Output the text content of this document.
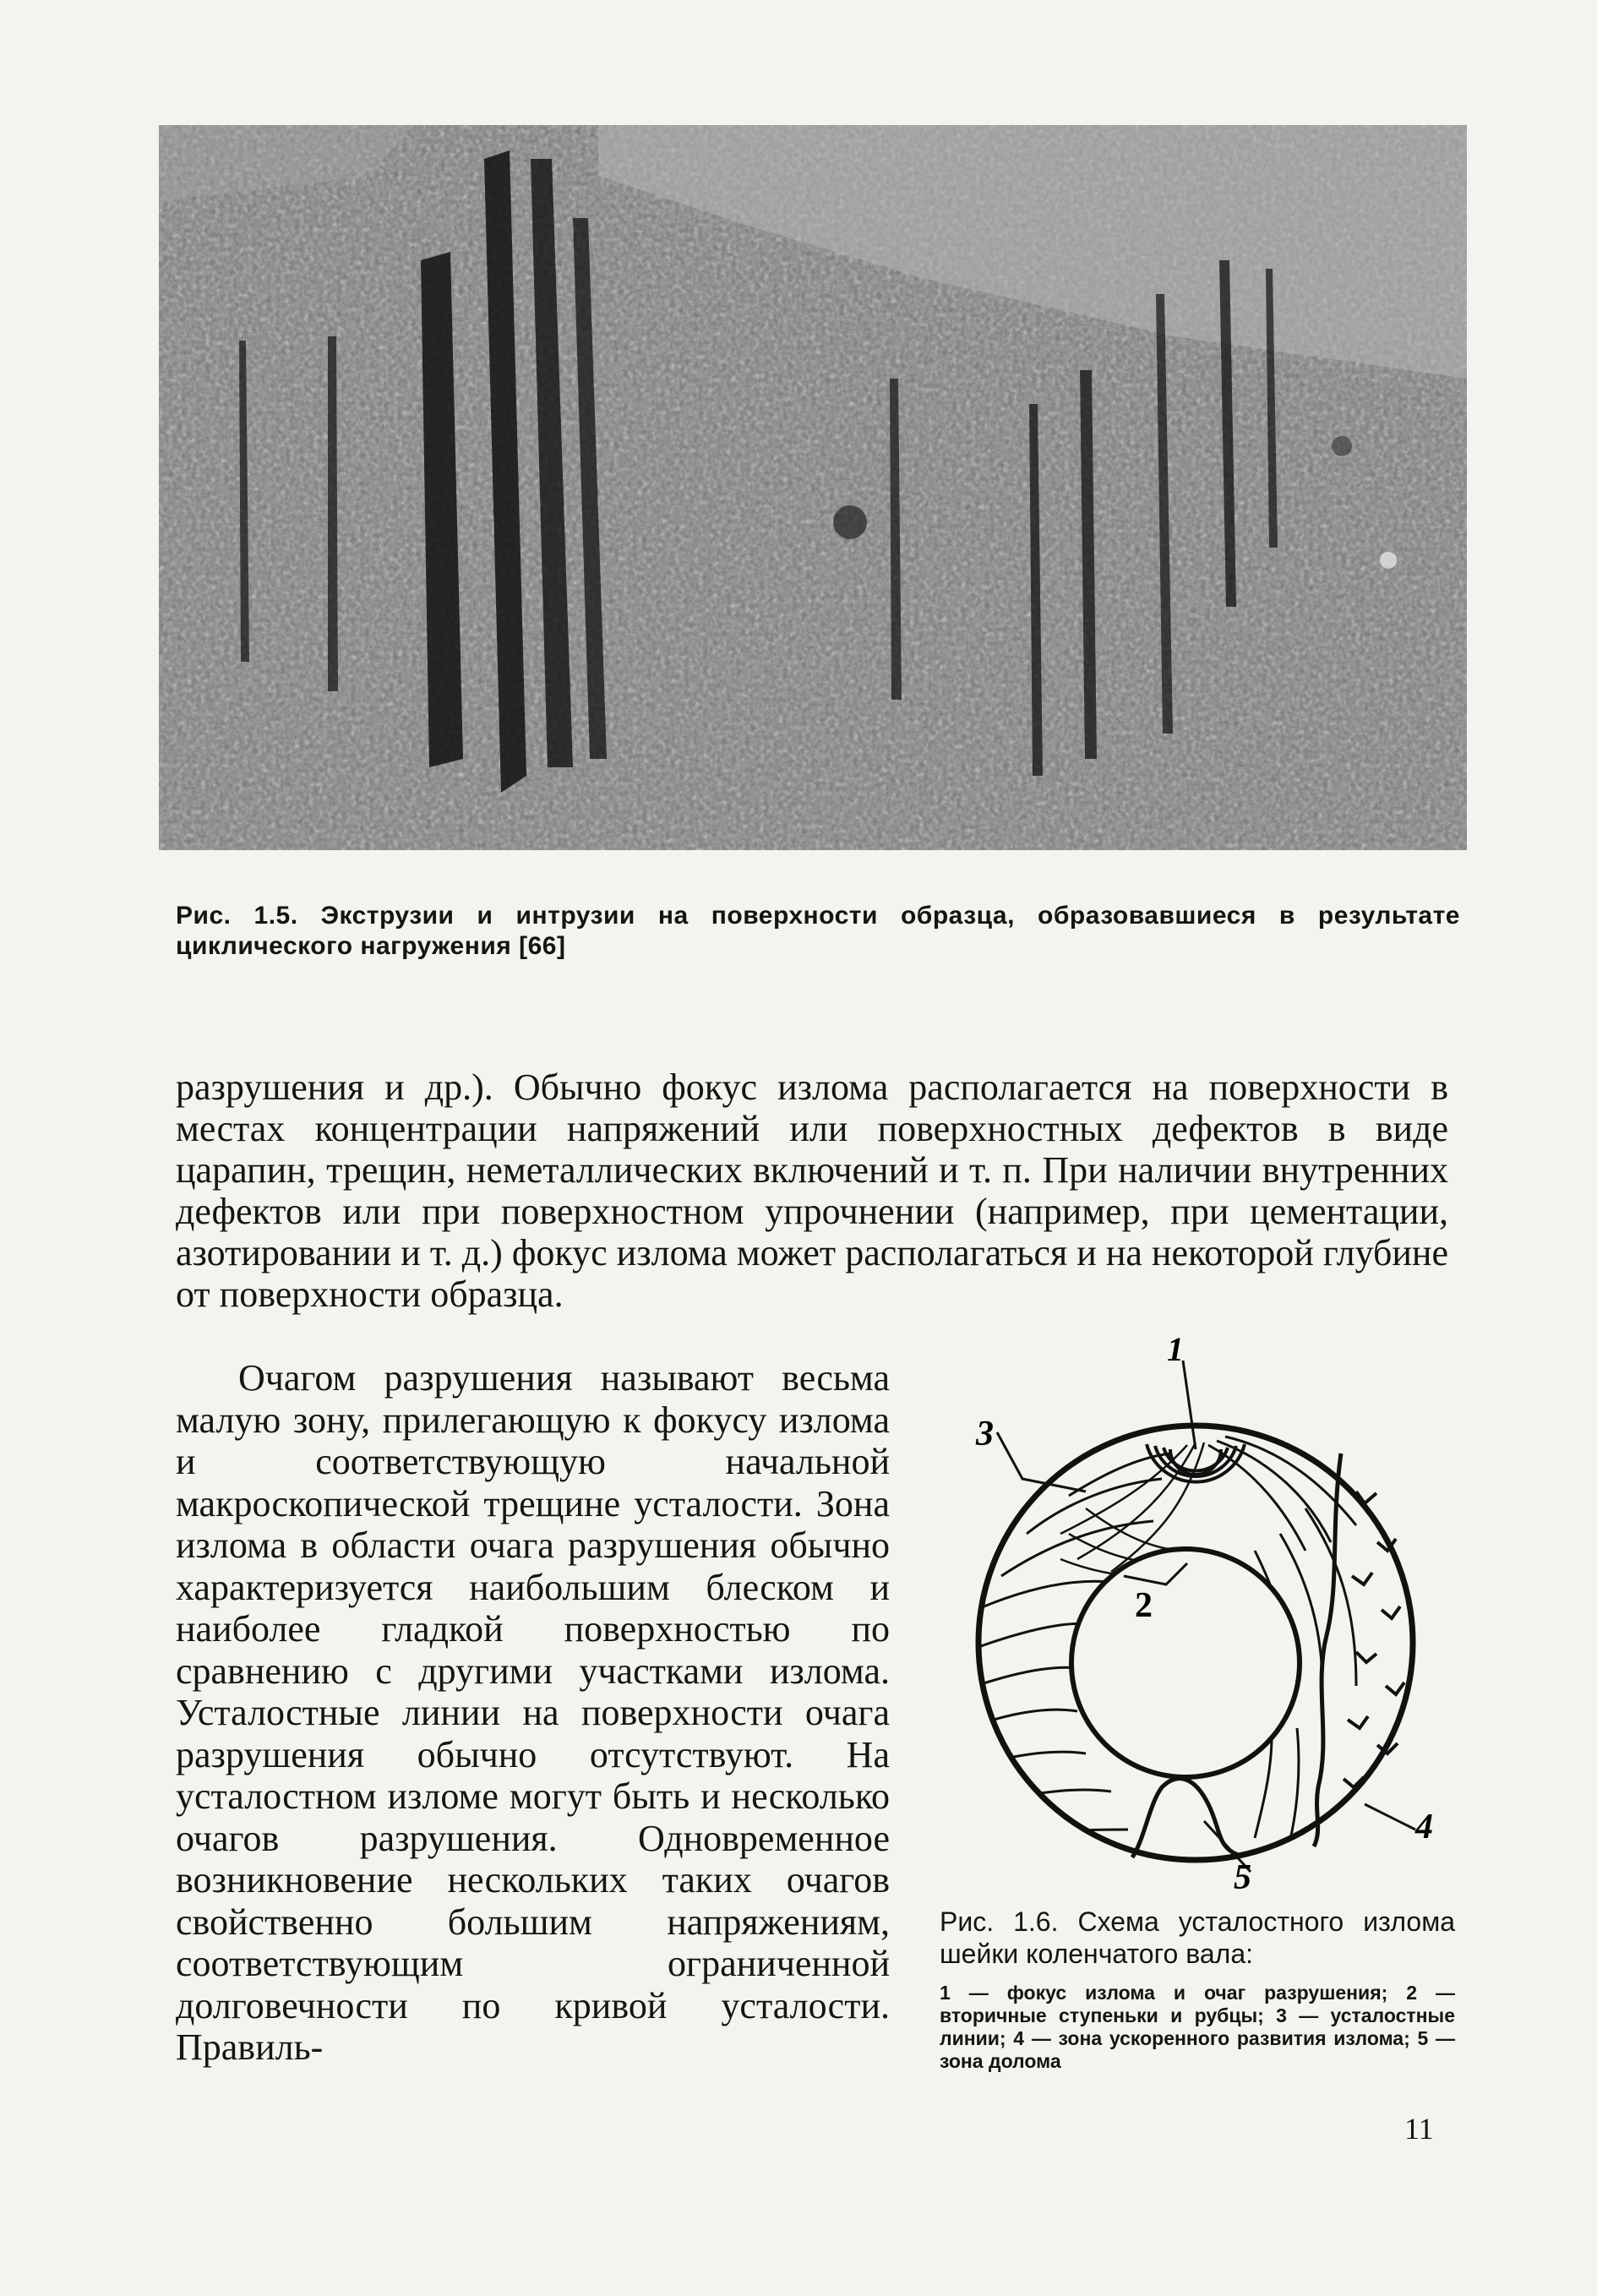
Рис. 1.5. Экструзии и интрузии на поверхности образца, образовавшиеся в результате циклического нагружения [66]
разрушения и др.). Обычно фокус излома располагается на поверхности в местах концентрации напряжений или поверхностных дефектов в виде царапин, трещин, неметаллических включений и т. п. При наличии внутренних дефектов или при поверхностном упрочнении (например, при цементации, азотировании и т. д.) фокус излома может располагаться и на некоторой глубине от поверхности образца.
Очагом разрушения называют весьма малую зону, прилегающую к фокусу излома и соответствующую начальной макроскопической трещине усталости. Зона излома в области очага разрушения обычно характеризуется наибольшим блеском и наиболее гладкой поверхностью по сравнению с другими участками излома. Усталостные линии на поверхности очага разрушения обычно отсутствуют. На усталостном изломе могут быть и несколько очагов разрушения. Одновременное возникновение нескольких таких очагов свойственно большим напряжениям, соответствующим ограниченной долговечности по кривой усталости. Правиль-
1
3
2
4
5
Рис. 1.6. Схема усталостного излома шейки коленчатого вала:
1 — фокус излома и очаг разрушения; 2 — вторичные ступеньки и рубцы; 3 — усталостные линии; 4 — зона ускоренного развития излома; 5 — зона долома
11
